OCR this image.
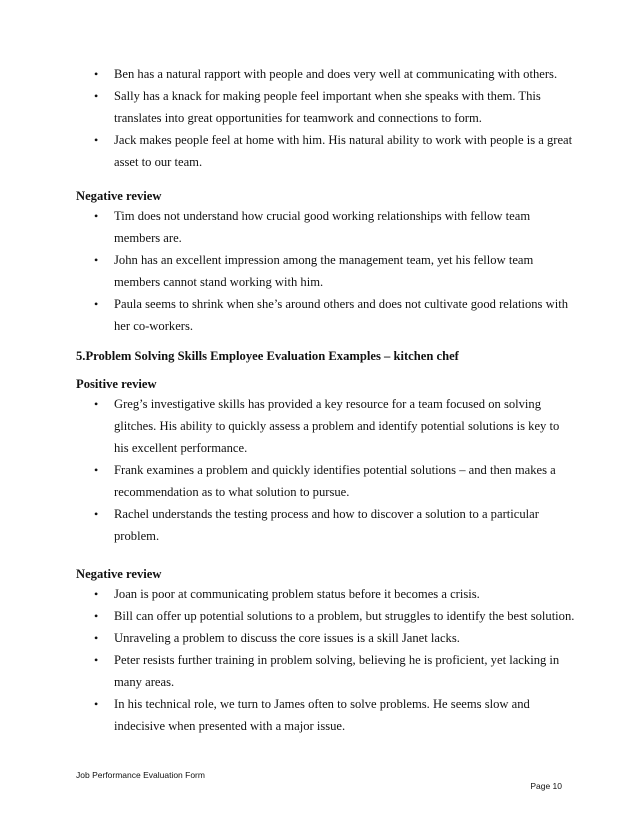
• Ben has a natural rapport with people and does very well at communicating with others.
• Sally has a knack for making people feel important when she speaks with them. This translates into great opportunities for teamwork and connections to form.
• Jack makes people feel at home with him. His natural ability to work with people is a great asset to our team.
Negative review
• Tim does not understand how crucial good working relationships with fellow team members are.
• John has an excellent impression among the management team, yet his fellow team members cannot stand working with him.
• Paula seems to shrink when she’s around others and does not cultivate good relations with her co-workers.
5.Problem Solving Skills Employee Evaluation Examples – kitchen chef
Positive review
• Greg’s investigative skills has provided a key resource for a team focused on solving glitches. His ability to quickly assess a problem and identify potential solutions is key to his excellent performance.
• Frank examines a problem and quickly identifies potential solutions – and then makes a recommendation as to what solution to pursue.
• Rachel understands the testing process and how to discover a solution to a particular problem.
Negative review
• Joan is poor at communicating problem status before it becomes a crisis.
• Bill can offer up potential solutions to a problem, but struggles to identify the best solution.
• Unraveling a problem to discuss the core issues is a skill Janet lacks.
• Peter resists further training in problem solving, believing he is proficient, yet lacking in many areas.
• In his technical role, we turn to James often to solve problems. He seems slow and indecisive when presented with a major issue.
Job Performance Evaluation Form
Page 10
